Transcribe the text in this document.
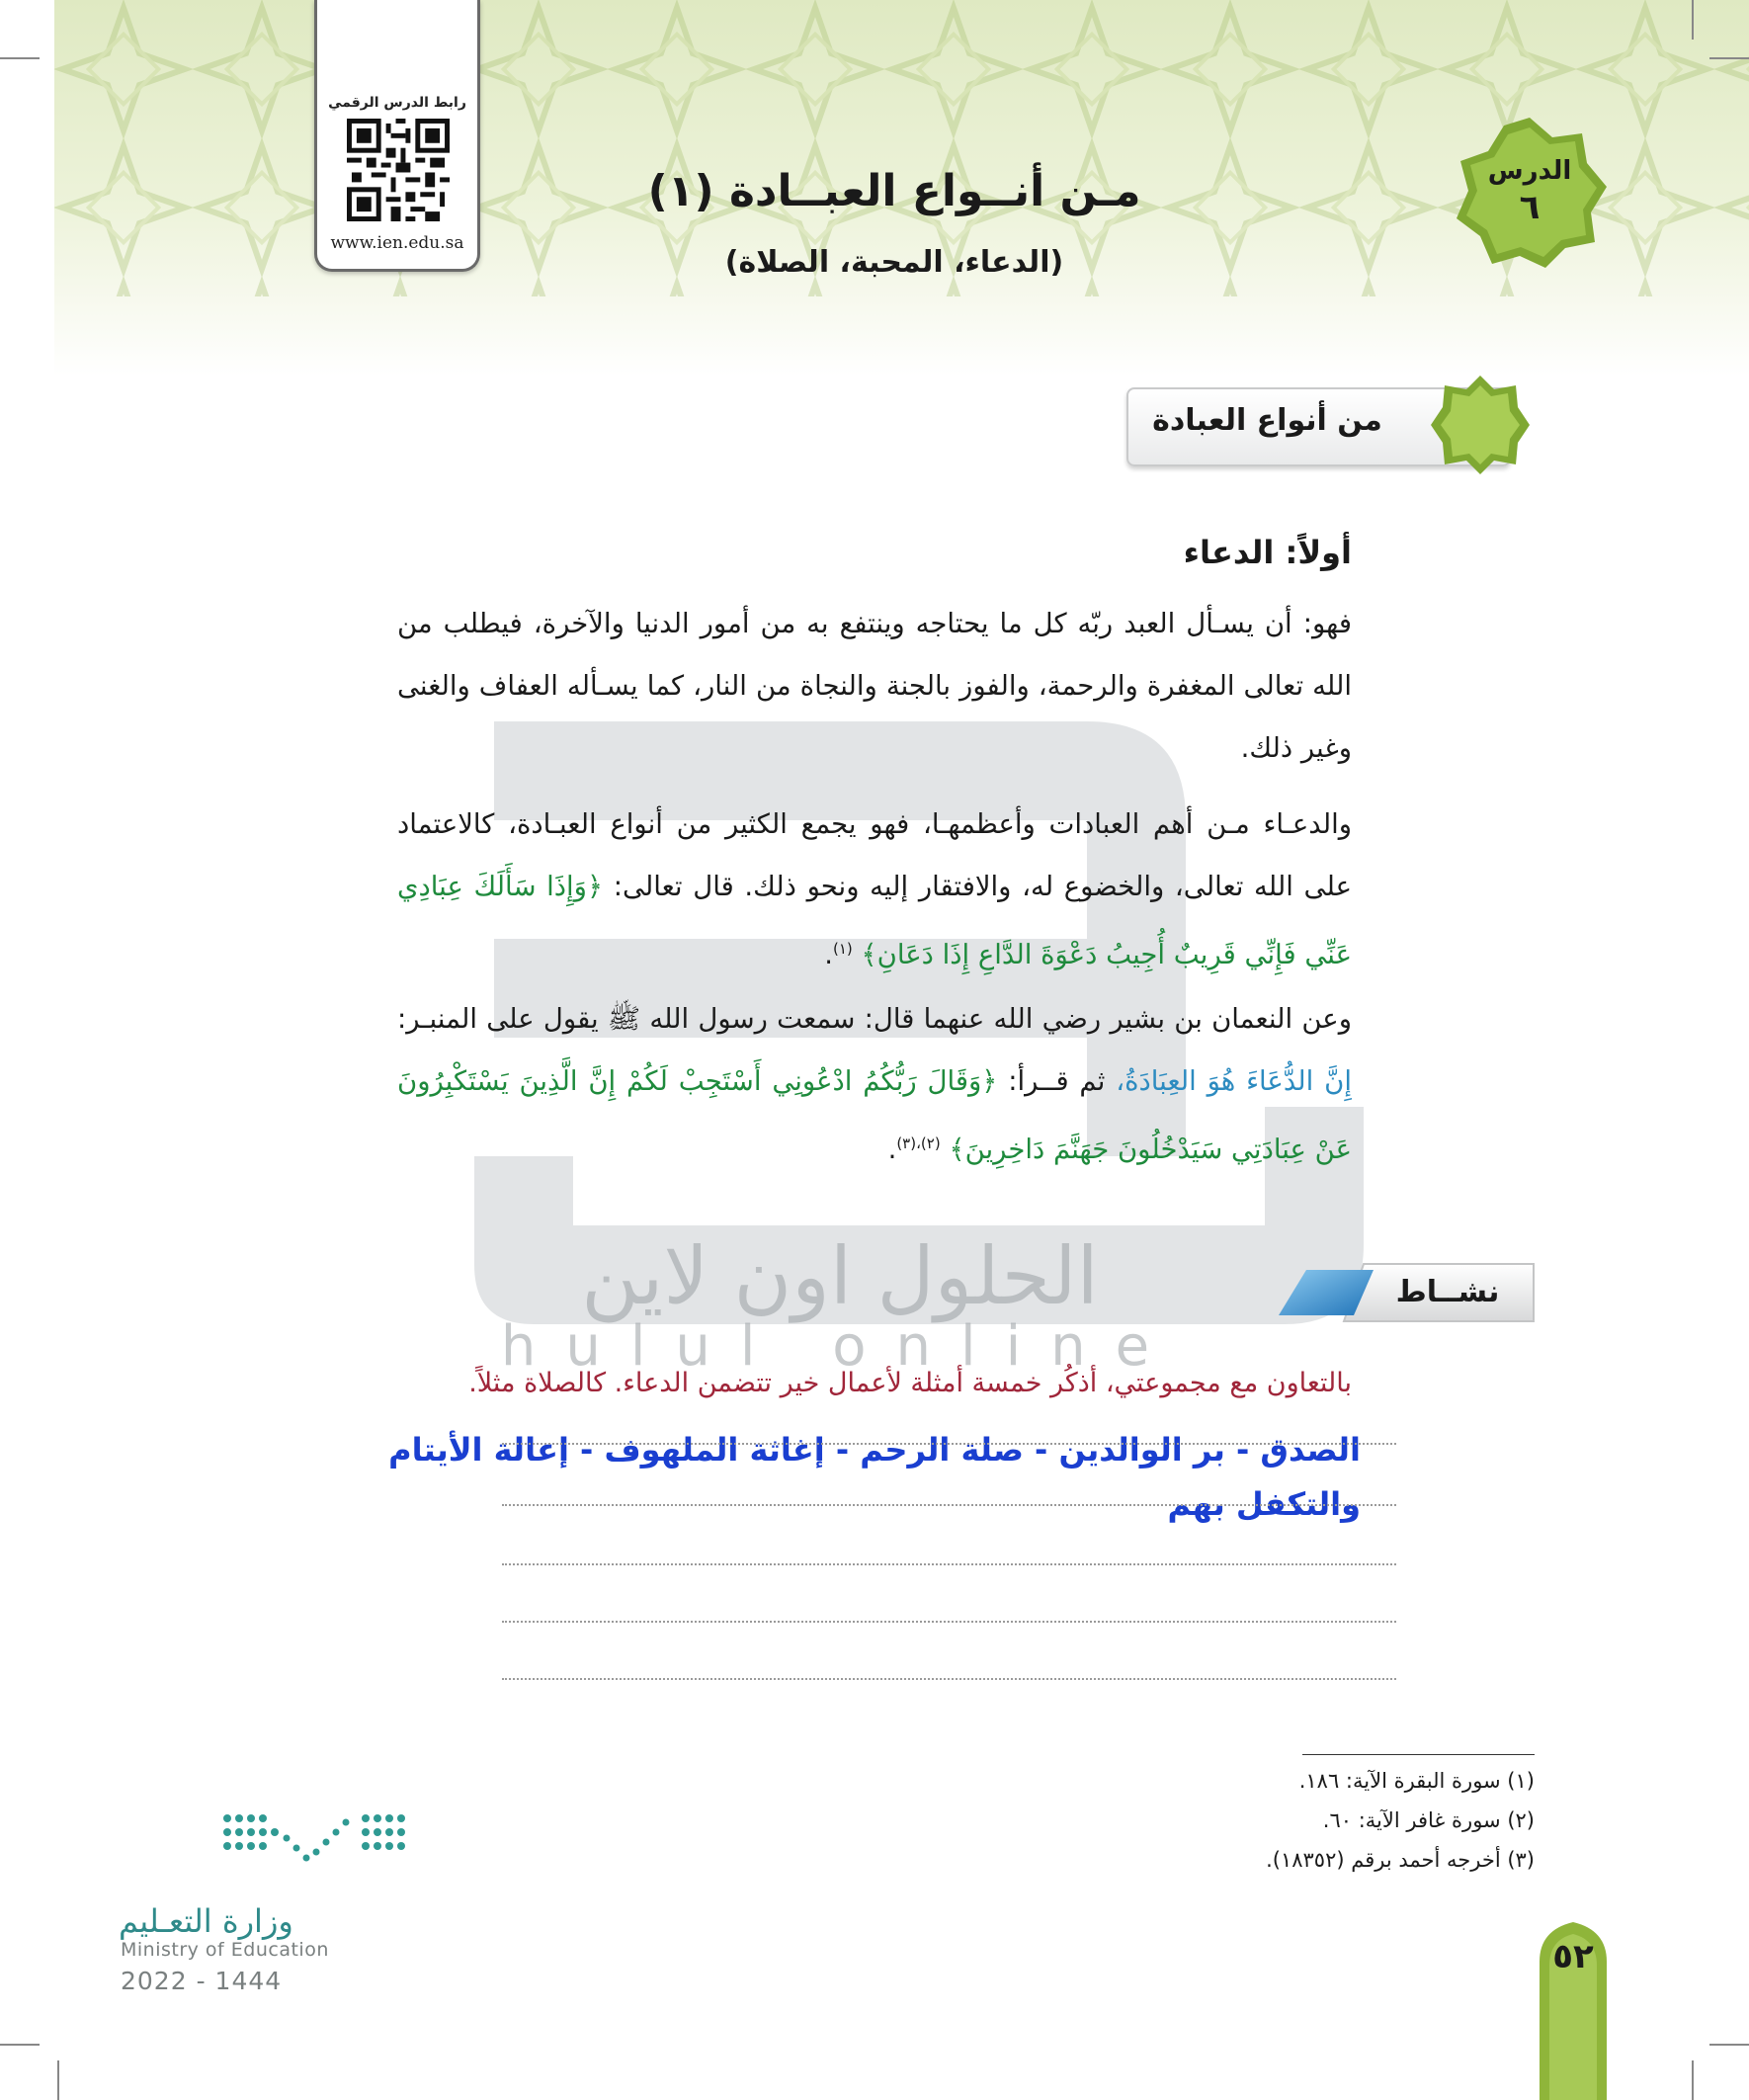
رابط الدرس الرقمي
www.ien.edu.sa
الدرس
٦
مـن أنــواع العبــادة (١)
(الدعاء، المحبة، الصلاة)
من أنواع العبادة
الحلول اون لاين
hulul online
أولاً: الدعاء
فهو: أن يسـأل العبد ربّه كل ما يحتاجه وينتفع به من أمور الدنيا والآخرة، فيطلب من الله تعالى المغفرة والرحمة، والفوز بالجنة والنجاة من النار، كما يسـأله العفاف والغنى وغير ذلك.
والدعـاء مـن أهم العبادات وأعظمهـا، فهو يجمع الكثير من أنواع العبـادة، كالاعتماد على الله تعالى، والخضوع له، والافتقار إليه ونحو ذلك. قال تعالى: ﴿وَإِذَا سَأَلَكَ عِبَادِي عَنِّي فَإِنِّي قَرِيبٌ أُجِيبُ دَعْوَةَ الدَّاعِ إِذَا دَعَانِ﴾ $^{(١)}$.
وعن النعمان بن بشير رضي الله عنهما قال: سمعت رسول الله ﷺ يقول على المنبـر: إِنَّ الدُّعَاءَ هُوَ العِبَادَةُ، ثم قــرأ: ﴿وَقَالَ رَبُّكُمُ ادْعُونِي أَسْتَجِبْ لَكُمْ إِنَّ الَّذِينَ يَسْتَكْبِرُونَ عَنْ عِبَادَتِي سَيَدْخُلُونَ جَهَنَّمَ دَاخِرِينَ﴾ $^{(٢)،(٣)}$.
نشــاط
بالتعاون مع مجموعتي، أذكُر خمسة أمثلة لأعمال خير تتضمن الدعاء. كالصلاة مثلاً.
الصدق - بر الوالدين - صلة الرحم - إغاثة الملهوف - إعالة الأيتام والتكفل بهم
(١) سورة البقرة الآية: ١٨٦.
(٢) سورة غافر الآية: ٦٠.
(٣) أخرجه أحمد برقم (١٨٣٥٢).
وزارة التعـليم
Ministry of Education
2022 - 1444
٥٢
